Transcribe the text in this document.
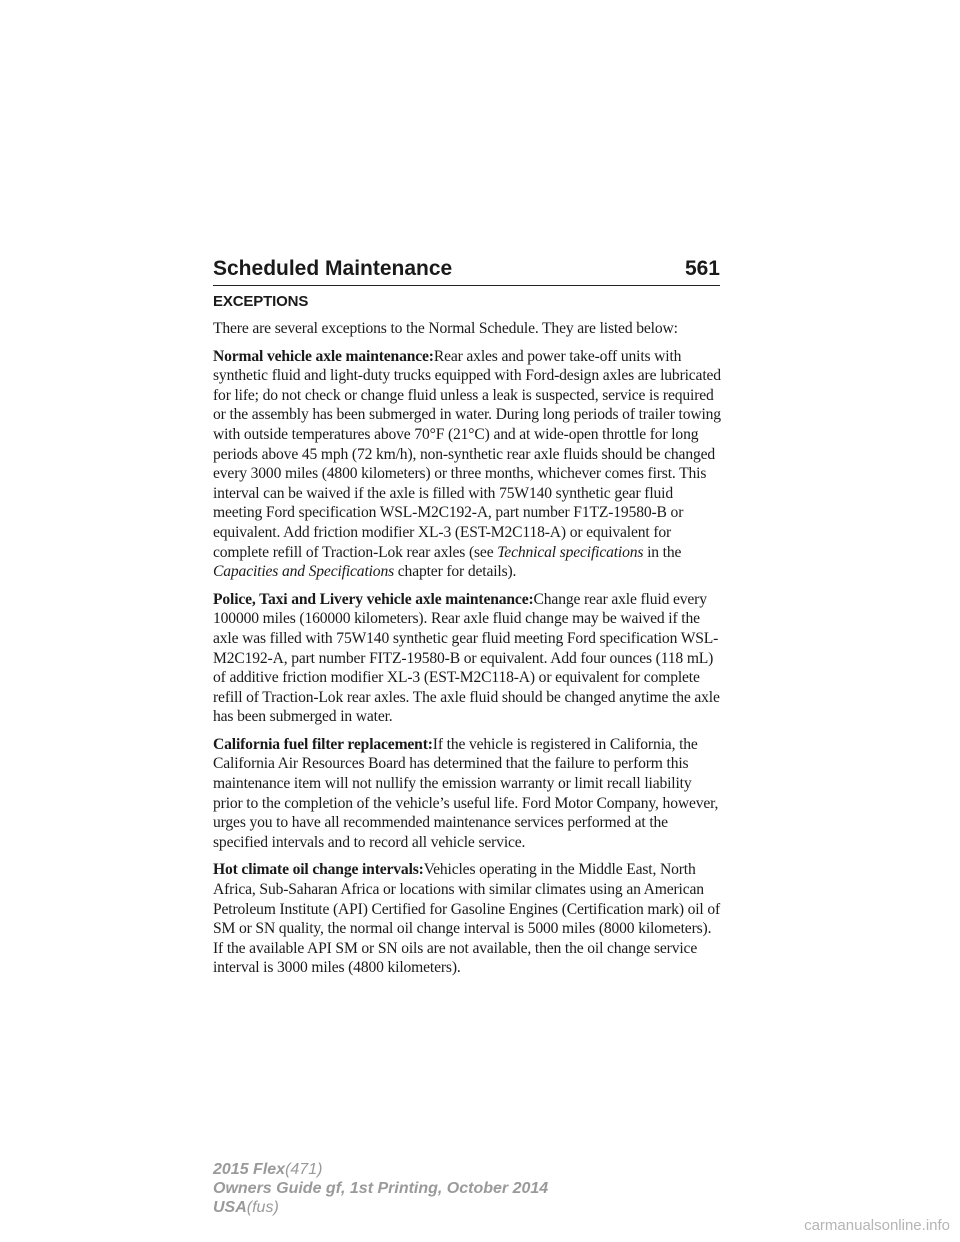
Scheduled Maintenance	561
EXCEPTIONS

There are several exceptions to the Normal Schedule. They are listed below:

Normal vehicle axle maintenance:Rear axles and power take-off units with synthetic fluid and light-duty trucks equipped with Ford-design axles are lubricated for life; do not check or change fluid unless a leak is suspected, service is required or the assembly has been submerged in water. During long periods of trailer towing with outside temperatures above 70°F (21°C) and at wide-open throttle for long periods above 45 mph (72 km/h), non-synthetic rear axle fluids should be changed every 3000 miles (4800 kilometers) or three months, whichever comes first. This interval can be waived if the axle is filled with 75W140 synthetic gear fluid meeting Ford specification WSL-M2C192-A, part number F1TZ-19580-B or equivalent. Add friction modifier XL-3 (EST-M2C118-A) or equivalent for complete refill of Traction-Lok rear axles (see Technical specifications in the Capacities and Specifications chapter for details).

Police, Taxi and Livery vehicle axle maintenance:Change rear axle fluid every 100000 miles (160000 kilometers). Rear axle fluid change may be waived if the axle was filled with 75W140 synthetic gear fluid meeting Ford specification WSL-M2C192-A, part number FITZ-19580-B or equivalent. Add four ounces (118 mL) of additive friction modifier XL-3 (EST-M2C118-A) or equivalent for complete refill of Traction-Lok rear axles. The axle fluid should be changed anytime the axle has been submerged in water.

California fuel filter replacement:If the vehicle is registered in California, the California Air Resources Board has determined that the failure to perform this maintenance item will not nullify the emission warranty or limit recall liability prior to the completion of the vehicle’s useful life. Ford Motor Company, however, urges you to have all recommended maintenance services performed at the specified intervals and to record all vehicle service.

Hot climate oil change intervals:Vehicles operating in the Middle East, North Africa, Sub-Saharan Africa or locations with similar climates using an American Petroleum Institute (API) Certified for Gasoline Engines (Certification mark) oil of SM or SN quality, the normal oil change interval is 5000 miles (8000 kilometers).

If the available API SM or SN oils are not available, then the oil change service interval is 3000 miles (4800 kilometers).

2015 Flex(471)
Owners Guide gf, 1st Printing, October 2014
USA(fus)
carmanualsonline.info
